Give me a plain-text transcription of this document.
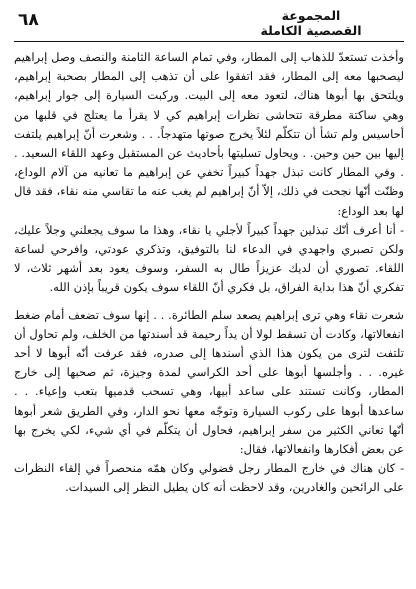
المجموعة
القصصية الكاملة
٦٨

وأخذت تستعدّ للذهاب إلى المطار، وفي تمام الساعة الثامنة والنصف وصل إبراهيم ليصحبها معه إلى المطار، فقد اتفقوا على أن تذهب إلى المطار بصحبة إبراهيم، ويلتحق بها أبوها هناك، لتعود معه إلى البيت. وركبت السيارة إلى جوار إبراهيم، وهي ساكتة مطرقة تتحاشى نظرات إبراهيم كي لا يقرأ ما يعتلج في قلبها من أحاسيس ولم تشأ أن تتكلّم لئلاً يخرج صوتها متهدجاً. . . وشعرت أنّ إبراهيم يلتفت إليها بين حين وحين. . ويحاول تسليتها بأحاديث عن المستقبل وعهد اللقاء السعيد. . . وفي المطار كانت تبذل جهداً كبيراً تخفي عن إبراهيم ما تعانيه من آلام الوداع، وظنّت أنّها نجحت في ذلك، إلاّ أنّ إبراهيم لم يغب عنه ما تقاسي منه نقاء، فقد قال لها بعد الوداع:

- أنا أعرف أنّك تبذلين جهداً كبيراً لأجلي يا نقاء، وهذا ما سوف يجعلني وجلاً عليك، ولكن تصبري واجهدي في الدعاء لنا بالتوفيق، وتذكري عودتي، وافرحي لساعة اللقاء. تصوري أن لديك عزيزاً طال به السفر، وسوف يعود بعد أشهر ثلاث، لا تفكري أنّ هذا بداية الفراق، بل فكري أنّ اللقاء سوف يكون قريباً بإذن الله.

شعرت نقاء وهي ترى إبراهيم يصعد سلم الطائرة. . . إنها سوف تضعف أمام ضغط انفعالاتها، وكادت أن تسقط لولا أن يداً رحيمة قد أسندتها من الخلف، ولم تحاول أن تلتفت لترى من يكون هذا الذي أسندها إلى صدره، فقد عرفت أنّه أبوها لا أحد غيره. . . وأجلسها أبوها على أحد الكراسي لمدة وجيزة، ثم صحبها إلى خارج المطار، وكانت تستند على ساعد أبيها، وهي تسحب قدميها بتعب وإعياء. . . ساعدها أبوها على ركوب السيارة وتوجّه معها نحو الدار، وفي الطريق شعر أبوها أنّها تعاني الكثير من سفر إبراهيم، فحاول أن يتكلّم في أي شيء، لكي يخرج بها عن بعض أفكارها وانفعالاتها، فقال:

- كان هناك في خارج المطار رجل فضولي وكان همّه منحصراً في إلقاء النظرات على الرائحين والغادرين، وقد لاحظت أنه كان يطيل النظر إلى السيدات.
